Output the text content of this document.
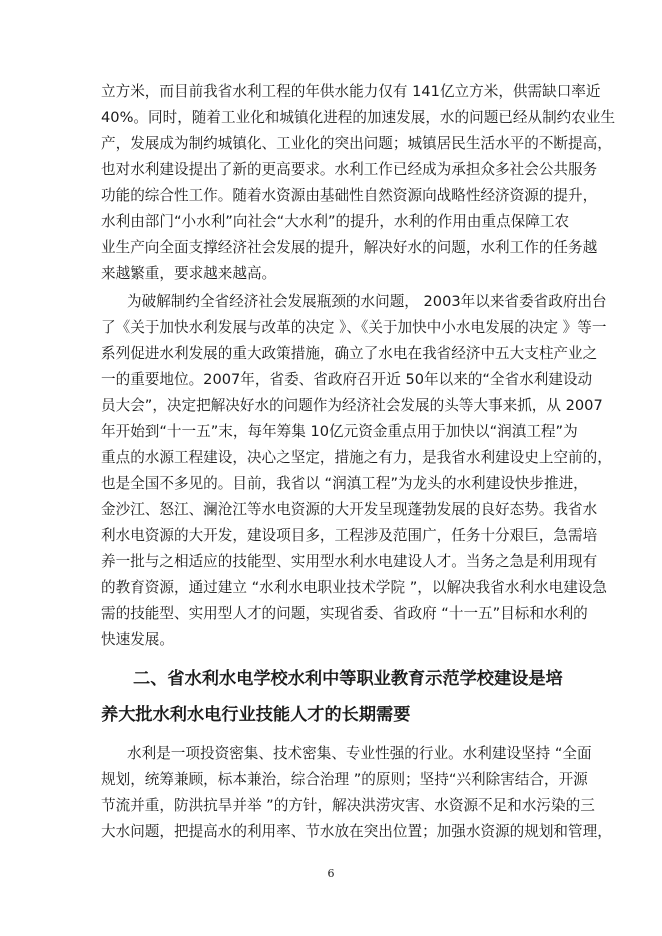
立方米，而目前我省水利工程的年供水能力仅有 141亿立方米，供需缺口率近
40%。同时，随着工业化和城镇化进程的加速发展，水的问题已经从制约农业生
产，发展成为制约城镇化、工业化的突出问题；城镇居民生活水平的不断提高，
也对水利建设提出了新的更高要求。水利工作已经成为承担众多社会公共服务
功能的综合性工作。随着水资源由基础性自然资源向战略性经济资源的提升，
水利由部门“小水利”向社会“大水利”的提升，水利的作用由重点保障工农
业生产向全面支撑经济社会发展的提升，解决好水的问题，水利工作的任务越
来越繁重，要求越来越高。
为破解制约全省经济社会发展瓶颈的水问题， 2003年以来省委省政府出台
了《关于加快水利发展与改革的决定 》、《关于加快中小水电发展的决定 》等一
系列促进水利发展的重大政策措施，确立了水电在我省经济中五大支柱产业之
一的重要地位。2007年，省委、省政府召开近 50年以来的“全省水利建设动
员大会”，决定把解决好水的问题作为经济社会发展的头等大事来抓，从 2007
年开始到“十一五”末，每年筹集 10亿元资金重点用于加快以“润滇工程”为
重点的水源工程建设，决心之坚定，措施之有力，是我省水利建设史上空前的，
也是全国不多见的。目前，我省以 “润滇工程”为龙头的水利建设快步推进，
金沙江、怒江、澜沧江等水电资源的大开发呈现蓬勃发展的良好态势。我省水
利水电资源的大开发，建设项目多，工程涉及范围广，任务十分艰巨，急需培
养一批与之相适应的技能型、实用型水利水电建设人才。当务之急是利用现有
的教育资源，通过建立 “水利水电职业技术学院 ”，以解决我省水利水电建设急
需的技能型、实用型人才的问题，实现省委、省政府 “十一五”目标和水利的
快速发展。
二、省水利水电学校水利中等职业教育示范学校建设是培
养大批水利水电行业技能人才的长期需要
水利是一项投资密集、技术密集、专业性强的行业。水利建设坚持 “全面
规划，统筹兼顾，标本兼治，综合治理 ”的原则；坚持“兴利除害结合，开源
节流并重，防洪抗旱并举 ”的方针，解决洪涝灾害、水资源不足和水污染的三
大水问题，把提高水的利用率、节水放在突出位置；加强水资源的规划和管理，
6
